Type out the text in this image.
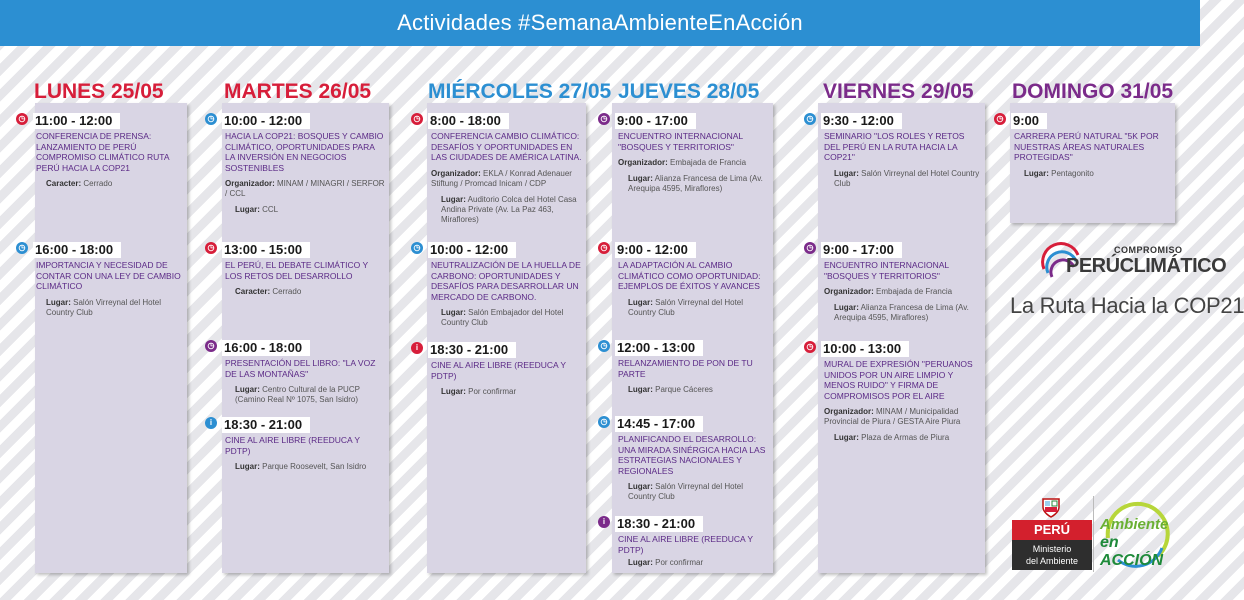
Actividades #SemanaAmbienteEnAcción
LUNES 25/05	MARTES 26/05	MIÉRCOLES 27/05 JUEVES 28/05	VIERNES 29/05 DOMINGO 31/05
◷ 11:00 - 12:00
CONFERENCIA DE PRENSA: LANZAMIENTO DE PERÚ COMPROMISO CLIMÁTICO RUTA PERÚ HACIA LA COP21
Caracter: Cerrado
◷ 16:00 - 18:00
IMPORTANCIA Y NECESIDAD DE CONTAR CON UNA LEY DE CAMBIO CLIMÁTICO
Lugar: Salón Virreynal del Hotel Country Club
◷ 10:00 - 12:00
HACIA LA COP21: BOSQUES Y CAMBIO CLIMÁTICO, OPORTUNIDADES PARA LA INVERSIÓN EN NEGOCIOS SOSTENIBLES
Organizador: MINAM / MINAGRI / SERFOR / CCL
Lugar: CCL
◷ 13:00 - 15:00
EL PERÚ, EL DEBATE CLIMÁTICO Y LOS RETOS DEL DESARROLLO
Caracter: Cerrado
◷ 16:00 - 18:00
PRESENTACIÓN DEL LIBRO: "LA VOZ DE LAS MONTAÑAS"
Lugar: Centro Cultural de la PUCP (Camino Real Nº 1075, San Isidro)
i 18:30 - 21:00
CINE AL AIRE LIBRE (REEDUCA Y PDTP)
Lugar: Parque Roosevelt, San Isidro
◷ 8:00 - 18:00
CONFERENCIA CAMBIO CLIMÁTICO: DESAFÍOS Y OPORTUNIDADES EN LAS CIUDADES DE AMÉRICA LATINA.
Organizador: EKLA / Konrad Adenauer Stiftung / Promcad Inicam / CDP
Lugar: Auditorio Colca del Hotel Casa Andina Private (Av. La Paz 463, Miraflores)
◷ 10:00 - 12:00
NEUTRALIZACIÓN DE LA HUELLA DE CARBONO: OPORTUNIDADES Y DESAFÍOS PARA DESARROLLAR UN MERCADO DE CARBONO.
Lugar: Salón Embajador del Hotel Country Club
i 18:30 - 21:00
CINE AL AIRE LIBRE (REEDUCA Y PDTP)
Lugar: Por confirmar
◷ 9:00 - 17:00
ENCUENTRO INTERNACIONAL "BOSQUES Y TERRITORIOS"
Organizador: Embajada de Francia
Lugar: Alianza Francesa de Lima (Av. Arequipa 4595, Miraflores)
◷ 9:00 - 12:00
LA ADAPTACIÓN AL CAMBIO CLIMÁTICO COMO OPORTUNIDAD: EJEMPLOS DE ÉXITOS Y AVANCES
Lugar: Salón Virreynal del Hotel Country Club
◷ 12:00 - 13:00
RELANZAMIENTO DE PON DE TU PARTE
Lugar: Parque Cáceres
◷ 14:45 - 17:00
PLANIFICANDO EL DESARROLLO: UNA MIRADA SINÉRGICA HACIA LAS ESTRATEGIAS NACIONALES Y REGIONALES
Lugar: Salón Virreynal del Hotel Country Club
i 18:30 - 21:00
CINE AL AIRE LIBRE (REEDUCA Y PDTP)
Lugar: Por confirmar
◷ 9:30 - 12:00
SEMINARIO "LOS ROLES Y RETOS DEL PERÚ EN LA RUTA HACIA LA COP21"
Lugar: Salón Virreynal del Hotel Country Club
◷ 9:00 - 17:00
ENCUENTRO INTERNACIONAL "BOSQUES Y TERRITORIOS"
Organizador: Embajada de Francia
Lugar: Alianza Francesa de Lima (Av. Arequipa 4595, Miraflores)
◷ 10:00 - 13:00
MURAL DE EXPRESIÓN "PERUANOS UNIDOS POR UN AIRE LIMPIO Y MENOS RUIDO" Y FIRMA DE COMPROMISOS POR EL AIRE
Organizador: MINAM / Municipalidad Provincial de Piura / GESTA Aire Piura
Lugar: Plaza de Armas de Piura
◷ 9:00
CARRERA PERÚ NATURAL "5K POR NUESTRAS ÁREAS NATURALES PROTEGIDAS"
Lugar: Pentagonito
COMPROMISO
PERÚCLIMÁTICO
La Ruta Hacia la COP21
PERÚ
Ministerio
del Ambiente
Ambiente
en ACCIÓN
